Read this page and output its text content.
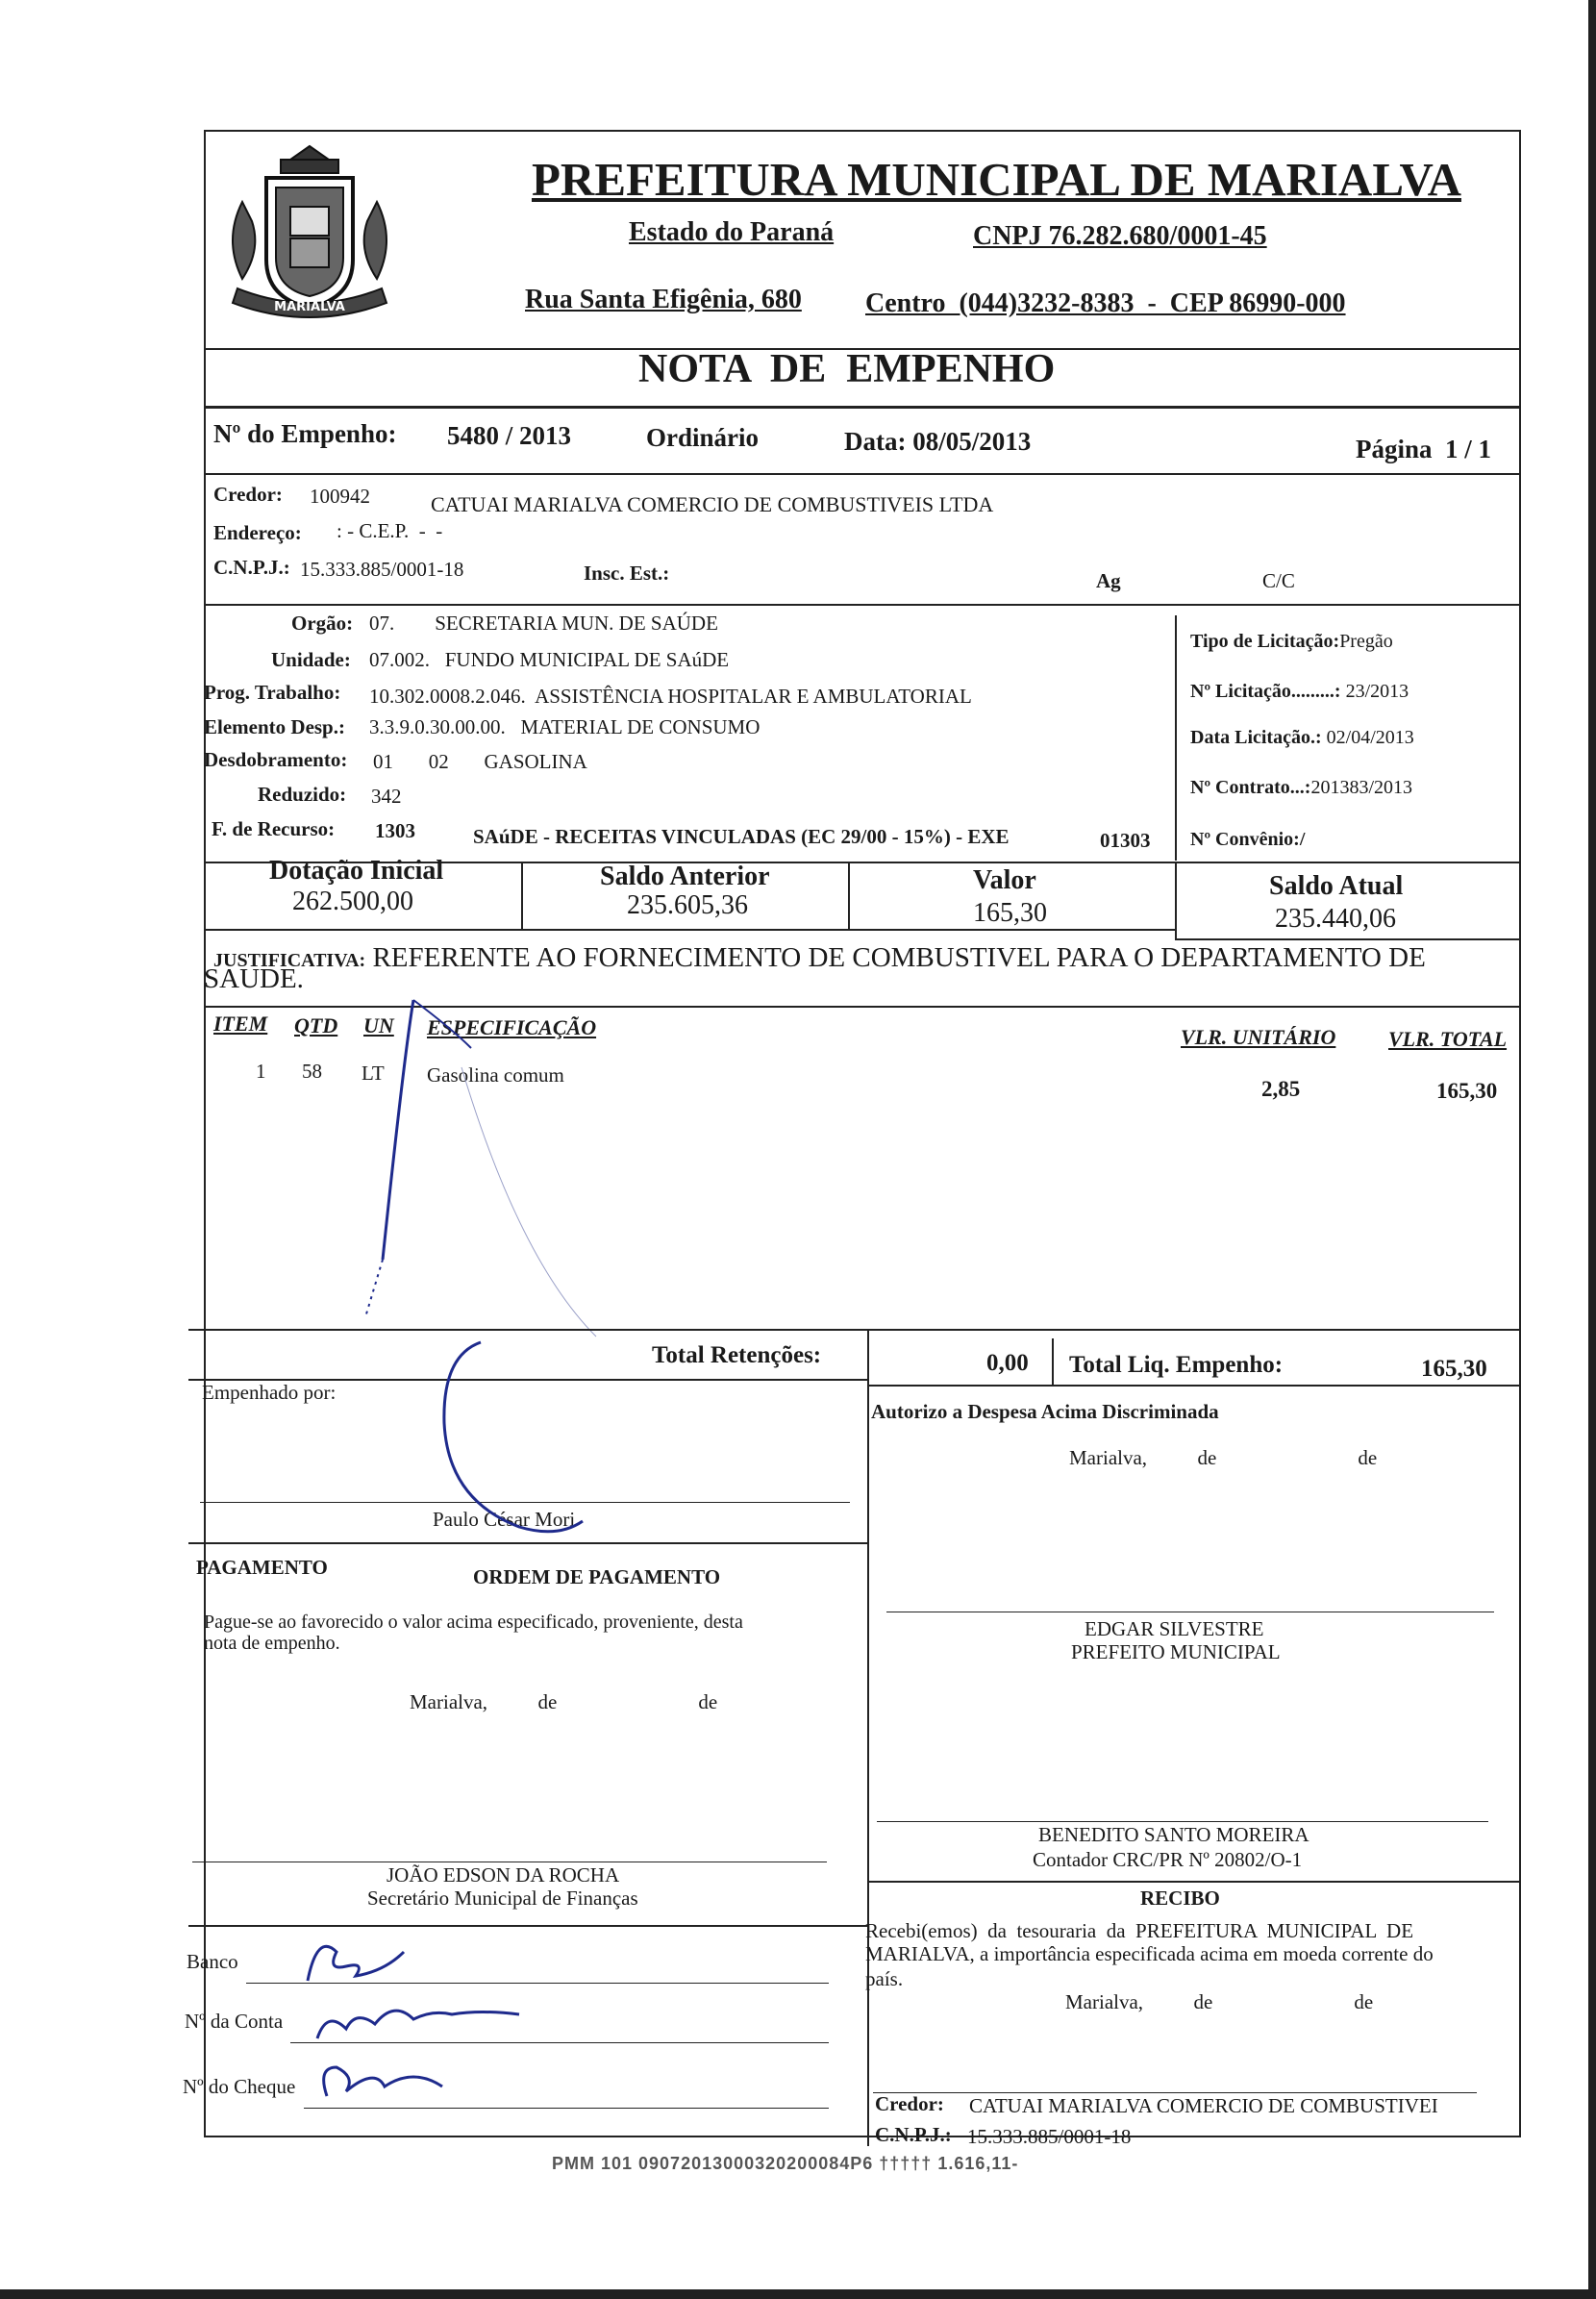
MARIALVA
PREFEITURA MUNICIPAL DE MARIALVA
Estado do Paraná	CNPJ 76.282.680/0001-45
Rua Santa Efigênia, 680 Centro  (044)3232-8383  -  CEP 86990-000
NOTA  DE  EMPENHO
Nº do Empenho: 5480 / 2013	Ordinário	Data: 08/05/2013	Página  1 / 1
Credor: 100942	CATUAI MARIALVA COMERCIO DE COMBUSTIVEIS LTDA
Endereço: : - C.E.P.  -  -
C.N.P.J.: 15.333.885/0001-18	Insc. Est.:	Ag	C/C
Orgão: 07.        SECRETARIA MUN. DE SAÚDE
Unidade: 07.002.   FUNDO MUNICIPAL DE SAúDE
Prog. Trabalho: 10.302.0008.2.046.  ASSISTÊNCIA HOSPITALAR E AMBULATORIAL
Elemento Desp.: 3.3.9.0.30.00.00.   MATERIAL DE CONSUMO
Desdobramento: 01       02       GASOLINA
Reduzido: 342
F. de Recurso: 1303	SAúDE - RECEITAS VINCULADAS (EC 29/00 - 15%) - EXE	01303
Tipo de Licitação:Pregão
Nº Licitação.........: 23/2013
Data Licitação.: 02/04/2013
Nº Contrato...:201383/2013
Nº Convênio:/
Dotação Inicial
262.500,00
Saldo Anterior
235.605,36
Valor
165,30
Saldo Atual
235.440,06
JUSTIFICATIVA: REFERENTE AO FORNECIMENTO DE COMBUSTIVEL PARA O DEPARTAMENTO DE
SAUDE.
ITEM QTD UN ESPECIFICAÇÃO	VLR. UNITÁRIO VLR. TOTAL
1 58 LT Gasolina comum
2,85	165,30
Total Retenções:	0,00 Total Liq. Empenho:	165,30
Empenhado por:
Paulo César Mori
Autorizo a Despesa Acima Discriminada
Marialva,          de                            de
EDGAR SILVESTRE
PREFEITO MUNICIPAL
PAGAMENTO	ORDEM DE PAGAMENTO
Pague-se ao favorecido o valor acima especificado, proveniente, desta
nota de empenho.
Marialva,          de                            de
JOÃO EDSON DA ROCHA
Secretário Municipal de Finanças
BENEDITO SANTO MOREIRA
Contador CRC/PR Nº 20802/O-1
RECIBO
Recebi(emos)  da  tesouraria  da  PREFEITURA  MUNICIPAL  DE
MARIALVA, a importância especificada acima em moeda corrente do
país.
Marialva,          de                            de
Credor: CATUAI MARIALVA COMERCIO DE COMBUSTIVEI
C.N.P.J.: 15.333.885/0001-18
Banco
Nº da Conta
Nº do Cheque
PMM 101 09072013000320200084P6 ††††† 1.616,11-
